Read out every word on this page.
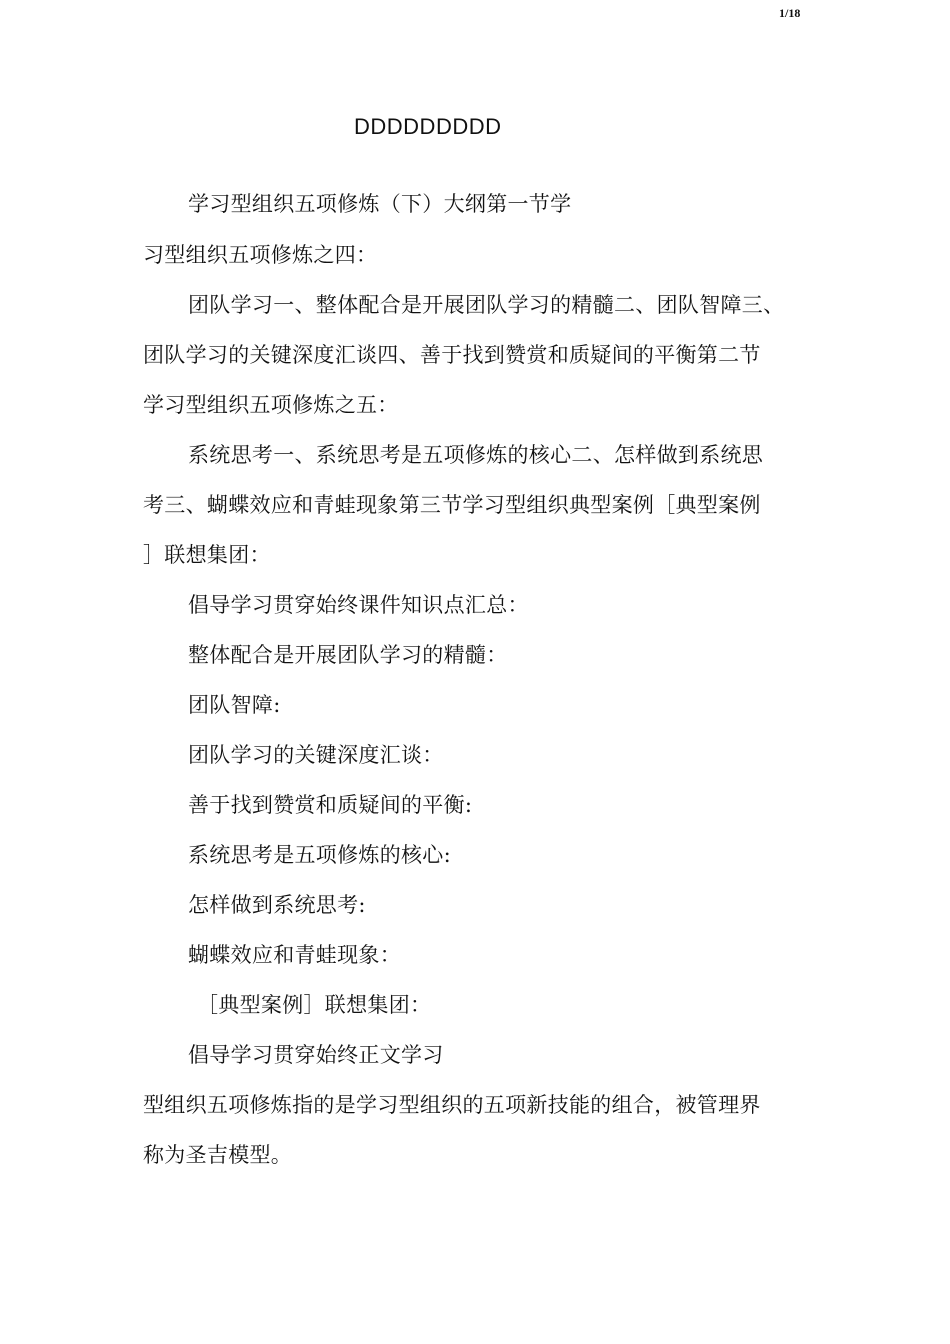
1/18
DDDDDDDDD
学习型组织五项修炼（下）大纲第一节学
习型组织五项修炼之四：
团队学习一、整体配合是开展团队学习的精髓二、团队智障三、
团队学习的关键深度汇谈四、善于找到赞赏和质疑间的平衡第二节
学习型组织五项修炼之五：
系统思考一、系统思考是五项修炼的核心二、怎样做到系统思
考三、蝴蝶效应和青蛙现象第三节学习型组织典型案例［典型案例
］联想集团：
倡导学习贯穿始终课件知识点汇总：
整体配合是开展团队学习的精髓：
团队智障:
团队学习的关键深度汇谈：
善于找到赞赏和质疑间的平衡:
系统思考是五项修炼的核心:
怎样做到系统思考:
蝴蝶效应和青蛙现象：
［典型案例］联想集团：
倡导学习贯穿始终正文学习
型组织五项修炼指的是学习型组织的五项新技能的组合，被管理界
称为圣吉模型。
